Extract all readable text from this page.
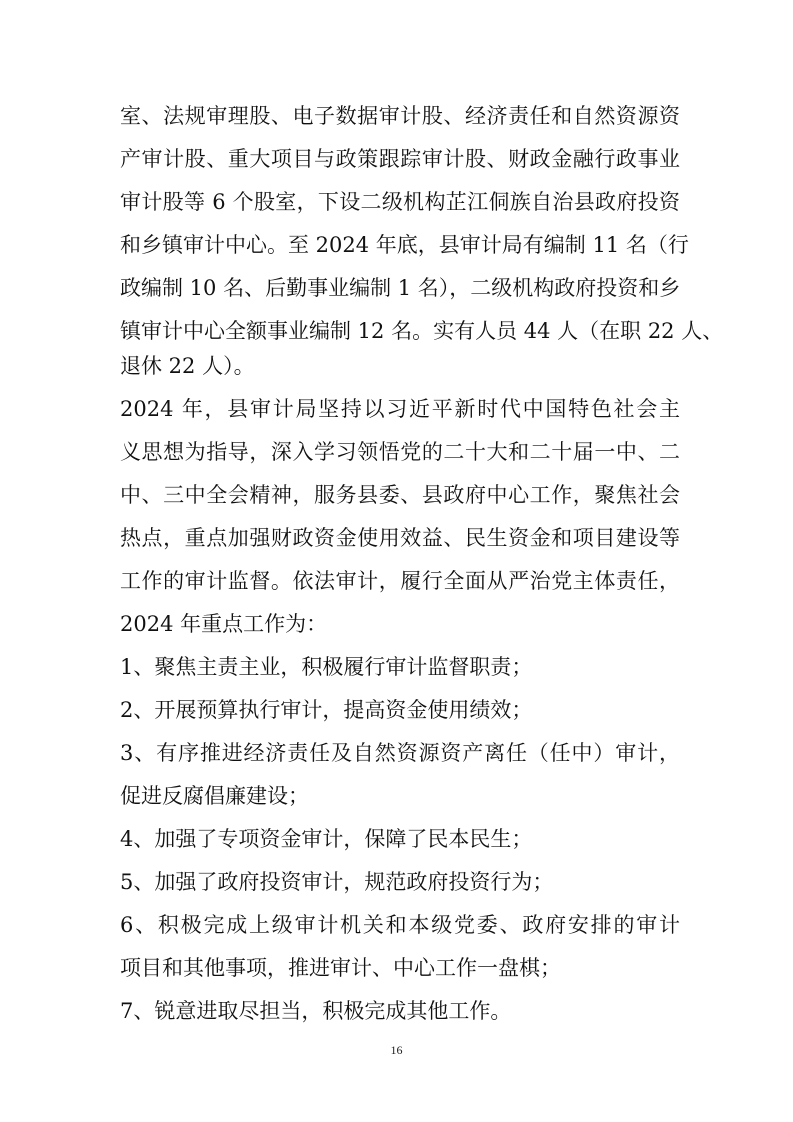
室、法规审理股、电子数据审计股、经济责任和自然资源资
产审计股、重大项目与政策跟踪审计股、财政金融行政事业
审计股等 6 个股室，下设二级机构芷江侗族自治县政府投资
和乡镇审计中心。至 2024 年底，县审计局有编制 11 名（行
政编制 10 名、后勤事业编制 1 名），二级机构政府投资和乡
镇审计中心全额事业编制 12 名。实有人员 44 人（在职 22 人、
退休 22 人）。
2024 年，县审计局坚持以习近平新时代中国特色社会主
义思想为指导，深入学习领悟党的二十大和二十届一中、二
中、三中全会精神，服务县委、县政府中心工作，聚焦社会
热点，重点加强财政资金使用效益、民生资金和项目建设等
工作的审计监督。依法审计，履行全面从严治党主体责任，
2024 年重点工作为：
1、聚焦主责主业，积极履行审计监督职责；
2、开展预算执行审计，提高资金使用绩效；
3、有序推进经济责任及自然资源资产离任（任中）审计，
促进反腐倡廉建设；
4、加强了专项资金审计，保障了民本民生；
5、加强了政府投资审计，规范政府投资行为；
6、积极完成上级审计机关和本级党委、政府安排的审计
项目和其他事项，推进审计、中心工作一盘棋；
7、锐意进取尽担当，积极完成其他工作。
16
